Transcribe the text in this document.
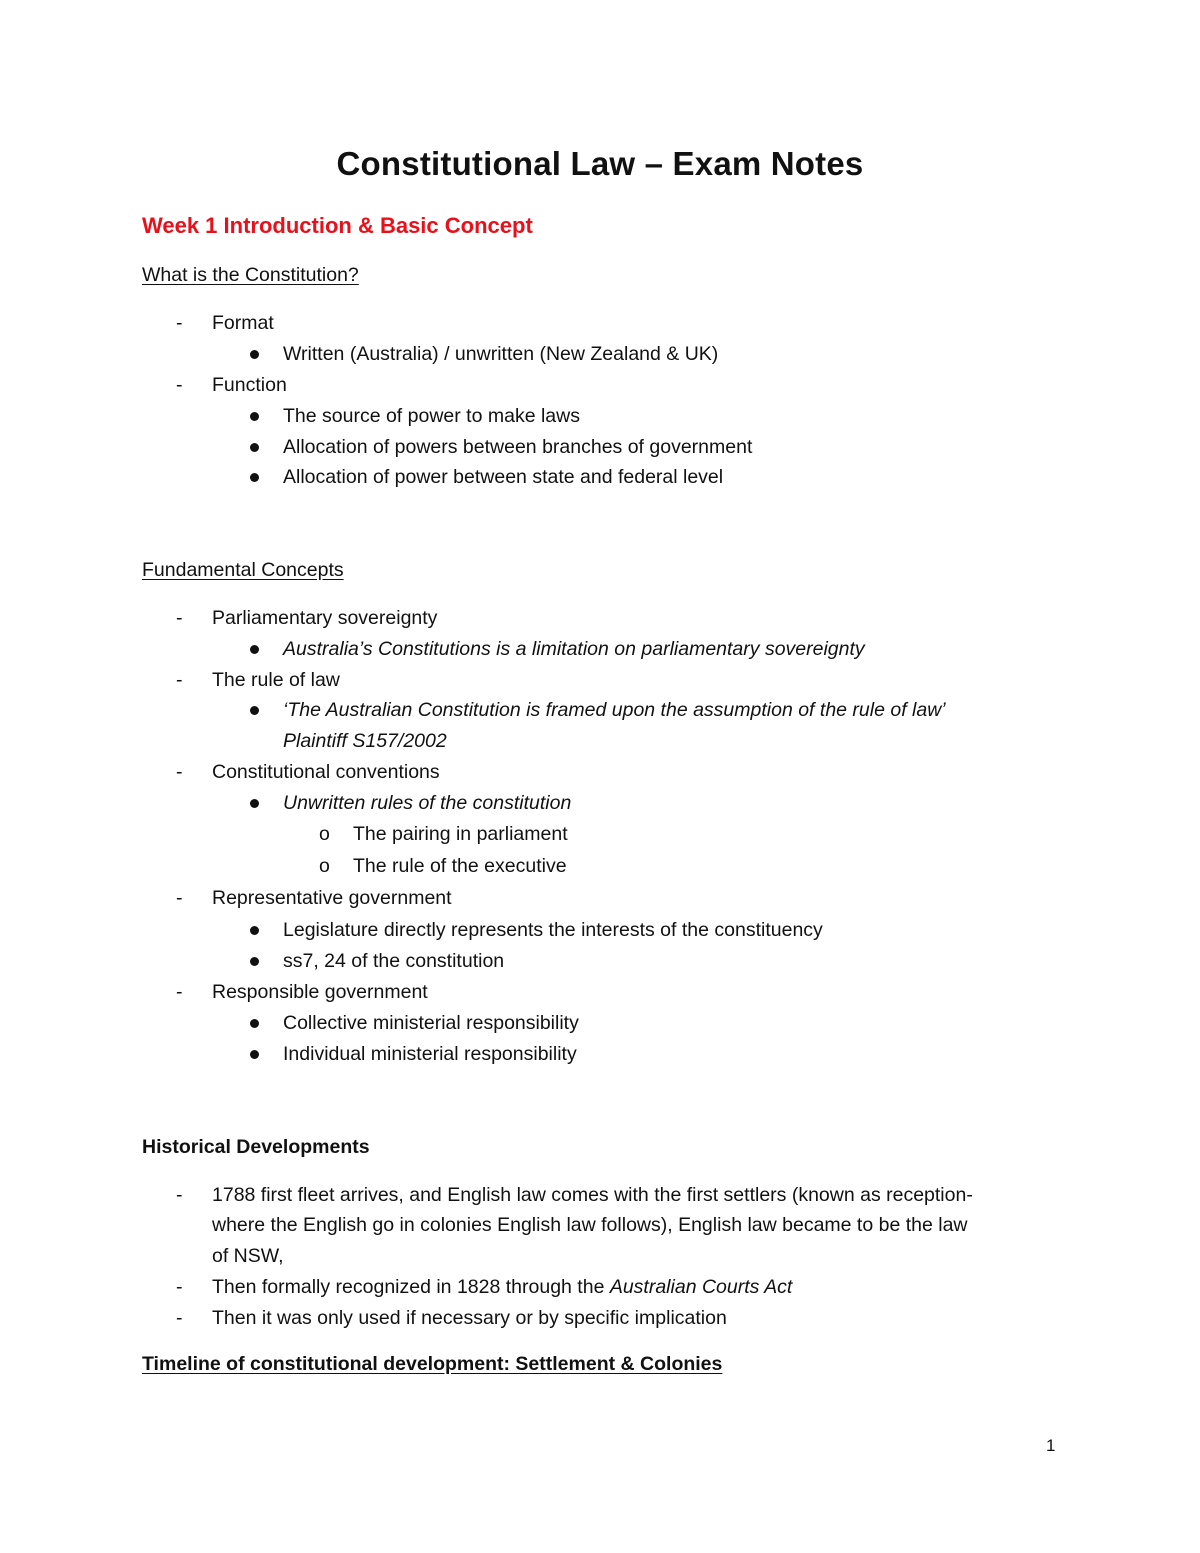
Constitutional Law – Exam Notes
Week 1 Introduction & Basic Concept
What is the Constitution?
- Format
Written (Australia) / unwritten (New Zealand & UK)
- Function
The source of power to make laws
Allocation of powers between branches of government
Allocation of power between state and federal level
Fundamental Concepts
- Parliamentary sovereignty
Australia’s Constitutions is a limitation on parliamentary sovereignty
- The rule of law
‘The Australian Constitution is framed upon the assumption of the rule of law’
Plaintiff S157/2002
- Constitutional conventions
Unwritten rules of the constitution
o The pairing in parliament
o The rule of the executive
- Representative government
Legislature directly represents the interests of the constituency
ss7, 24 of the constitution
- Responsible government
Collective ministerial responsibility
Individual ministerial responsibility
Historical Developments
- 1788 first fleet arrives, and English law comes with the first settlers (known as reception-
where the English go in colonies English law follows), English law became to be the law
of NSW,
- Then formally recognized in 1828 through the Australian Courts Act
- Then it was only used if necessary or by specific implication
Timeline of constitutional development: Settlement & Colonies
1
